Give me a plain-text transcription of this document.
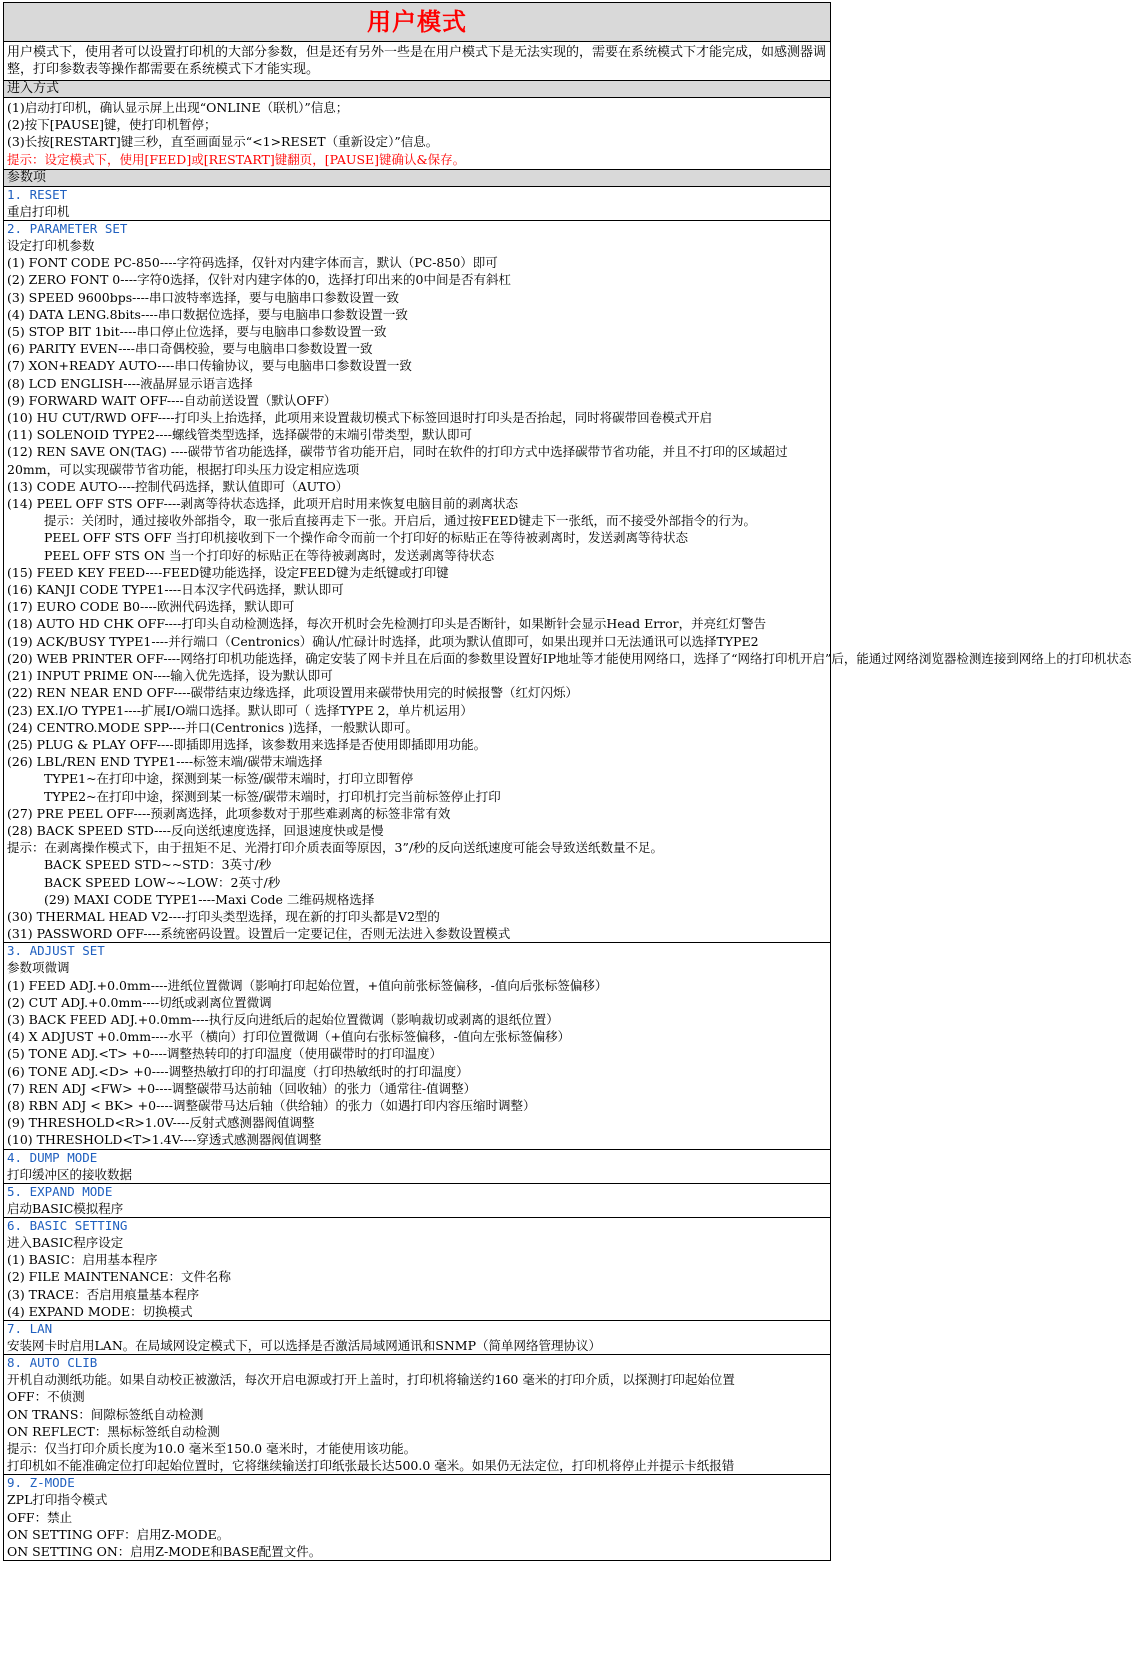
用户模式
用户模式下，使用者可以设置打印机的大部分参数，但是还有另外一些是在用户模式下是无法实现的，需要在系统模式下才能完成，如感测器调整，打印参数表等操作都需要在系统模式下才能实现。
进入方式
(1)启动打印机，确认显示屏上出现“ONLINE（联机）”信息；
(2)按下[PAUSE]键，使打印机暂停；
(3)长按[RESTART]键三秒，直至画面显示“<1>RESET（重新设定）”信息。
提示：设定模式下，使用[FEED]或[RESTART]键翻页，[PAUSE]键确认&保存。
参数项
1. RESET
重启打印机
2. PARAMETER SET
设定打印机参数
(1) FONT CODE PC-850----字符码选择，仅针对内建字体而言，默认（PC-850）即可
(2) ZERO FONT 0----字符0选择，仅针对内建字体的0，选择打印出来的0中间是否有斜杠
(3) SPEED 9600bps----串口波特率选择，要与电脑串口参数设置一致
(4) DATA LENG.8bits----串口数据位选择，要与电脑串口参数设置一致
(5) STOP BIT 1bit----串口停止位选择，要与电脑串口参数设置一致
(6) PARITY EVEN----串口奇偶校验，要与电脑串口参数设置一致
(7) XON+READY AUTO----串口传输协议，要与电脑串口参数设置一致
(8) LCD ENGLISH----液晶屏显示语言选择
(9) FORWARD WAIT OFF----自动前送设置（默认OFF）
(10) HU CUT/RWD OFF----打印头上抬选择，此项用来设置裁切模式下标签回退时打印头是否抬起，同时将碳带回卷模式开启
(11) SOLENOID TYPE2----螺线管类型选择，选择碳带的末端引带类型，默认即可
(12) REN SAVE ON(TAG) ----碳带节省功能选择，碳带节省功能开启，同时在软件的打印方式中选择碳带节省功能，并且不打印的区域超过20mm，可以实现碳带节省功能，根据打印头压力设定相应选项
(13) CODE AUTO----控制代码选择，默认值即可（AUTO）
(14) PEEL OFF STS OFF----剥离等待状态选择，此项开启时用来恢复电脑目前的剥离状态
提示：关闭时，通过接收外部指令，取一张后直接再走下一张。开启后，通过按FEED键走下一张纸，而不接受外部指令的行为。
PEEL OFF STS OFF 当打印机接收到下一个操作命令而前一个打印好的标贴正在等待被剥离时，发送剥离等待状态
PEEL OFF STS ON 当一个打印好的标贴正在等待被剥离时，发送剥离等待状态
(15) FEED KEY FEED----FEED键功能选择，设定FEED键为走纸键或打印键
(16) KANJI CODE TYPE1----日本汉字代码选择，默认即可
(17) EURO CODE B0----欧洲代码选择，默认即可
(18) AUTO HD CHK OFF----打印头自动检测选择，每次开机时会先检测打印头是否断针，如果断针会显示Head Error，并亮红灯警告
(19) ACK/BUSY TYPE1----并行端口（Centronics）确认/忙碌计时选择，此项为默认值即可，如果出现并口无法通讯可以选择TYPE2
(20) WEB PRINTER OFF----网络打印机功能选择，确定安装了网卡并且在后面的参数里设置好IP地址等才能使用网络口，选择了“网络打印机开启”后，能通过网络浏览器检测连接到网络上的打印机状态
(21) INPUT PRIME ON----输入优先选择，设为默认即可
(22) REN NEAR END OFF----碳带结束边缘选择，此项设置用来碳带快用完的时候报警（红灯闪烁）
(23) EX.I/O TYPE1----扩展I/O端口选择。默认即可（ 选择TYPE 2，单片机运用）
(24) CENTRO.MODE SPP----并口(Centronics )选择，一般默认即可。
(25) PLUG & PLAY OFF----即插即用选择，该参数用来选择是否使用即插即用功能。
(26) LBL/REN END TYPE1----标签末端/碳带末端选择
TYPE1~在打印中途，探测到某一标签/碳带末端时，打印立即暂停
TYPE2~在打印中途，探测到某一标签/碳带末端时，打印机打完当前标签停止打印
(27) PRE PEEL OFF----预剥离选择，此项参数对于那些难剥离的标签非常有效
(28) BACK SPEED STD----反向送纸速度选择，回退速度快或是慢
提示：在剥离操作模式下，由于扭矩不足、光滑打印介质表面等原因，3”/秒的反向送纸速度可能会导致送纸数量不足。
BACK SPEED STD~~STD：3英寸/秒
BACK SPEED LOW~~LOW：2英寸/秒
(29) MAXI CODE TYPE1----Maxi Code 二维码规格选择
(30) THERMAL HEAD V2----打印头类型选择，现在新的打印头都是V2型的
(31) PASSWORD OFF----系统密码设置。设置后一定要记住，否则无法进入参数设置模式
3. ADJUST SET
参数项微调
(1) FEED ADJ.+0.0mm----进纸位置微调（影响打印起始位置，+值向前张标签偏移，-值向后张标签偏移）
(2) CUT ADJ.+0.0mm----切纸或剥离位置微调
(3) BACK FEED ADJ.+0.0mm----执行反向进纸后的起始位置微调（影响裁切或剥离的退纸位置）
(4) X ADJUST +0.0mm----水平（横向）打印位置微调（+值向右张标签偏移，-值向左张标签偏移）
(5) TONE ADJ.<T> +0----调整热转印的打印温度（使用碳带时的打印温度）
(6) TONE ADJ.<D> +0----调整热敏打印的打印温度（打印热敏纸时的打印温度）
(7) REN ADJ <FW> +0----调整碳带马达前轴（回收轴）的张力（通常往-值调整）
(8) RBN ADJ < BK> +0----调整碳带马达后轴（供给轴）的张力（如遇打印内容压缩时调整）
(9) THRESHOLD<R>1.0V----反射式感测器阀值调整
(10) THRESHOLD<T>1.4V----穿透式感测器阀值调整
4. DUMP MODE
打印缓冲区的接收数据
5. EXPAND MODE
启动BASIC模拟程序
6. BASIC SETTING
进入BASIC程序设定
(1) BASIC：启用基本程序
(2) FILE MAINTENANCE：文件名称
(3) TRACE：否启用痕量基本程序
(4) EXPAND MODE：切换模式
7. LAN
安装网卡时启用LAN。在局域网设定模式下，可以选择是否激活局域网通讯和SNMP（简单网络管理协议）
8. AUTO CLIB
开机自动测纸功能。如果自动校正被激活，每次开启电源或打开上盖时，打印机将输送约160 毫米的打印介质，以探测打印起始位置
OFF：不侦测
ON TRANS：间隙标签纸自动检测
ON REFLECT：黑标标签纸自动检测
提示：仅当打印介质长度为10.0 毫米至150.0 毫米时，才能使用该功能。
打印机如不能准确定位打印起始位置时，它将继续输送打印纸张最长达500.0 毫米。如果仍无法定位，打印机将停止并提示卡纸报错
9. Z-MODE
ZPL打印指令模式
OFF：禁止
ON SETTING OFF：启用Z-MODE。
ON SETTING ON：启用Z-MODE和BASE配置文件。
